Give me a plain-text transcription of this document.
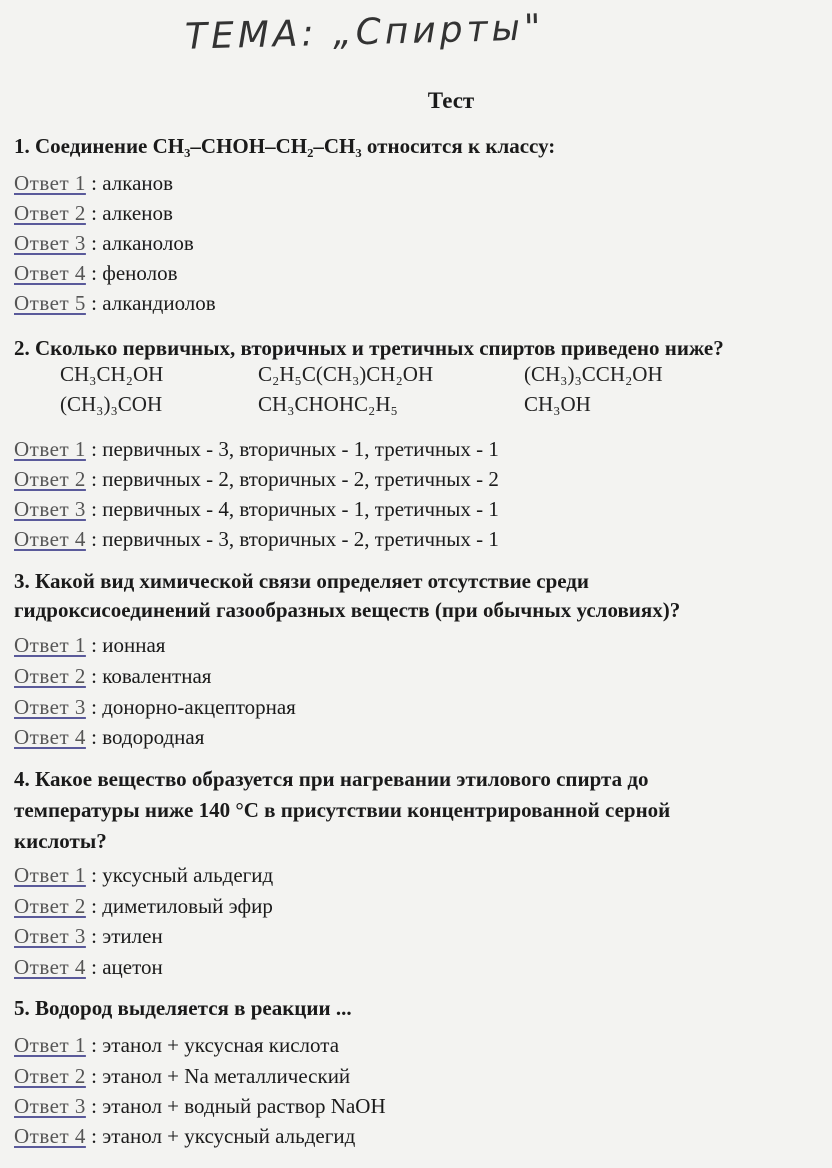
ТЕМА: „Спирты"
Тест
1. Соединение CH₃–CHOH–CH₂–CH₃ относится к классу:
Ответ 1 : алканов
Ответ 2 : алкенов
Ответ 3 : алканолов
Ответ 4 : фенолов
Ответ 5 : алкандиолов
2. Сколько первичных, вторичных и третичных спиртов приведено ниже?
CH₃CH₂OH	C₂H₅C(CH₃)CH₂OH	(CH₃)₃CCH₂OH
(CH₃)₃COH	CH₃CHOHC₂H₅	CH₃OH
Ответ 1 : первичных - 3, вторичных - 1, третичных - 1
Ответ 2 : первичных - 2, вторичных - 2, третичных - 2
Ответ 3 : первичных - 4, вторичных - 1, третичных - 1
Ответ 4 : первичных - 3, вторичных - 2, третичных - 1
3. Какой вид химической связи определяет отсутствие среди
гидроксисоединений газообразных веществ (при обычных условиях)?
Ответ 1 : ионная
Ответ 2 : ковалентная
Ответ 3 : донорно-акцепторная
Ответ 4 : водородная
4. Какое вещество образуется при нагревании этилового спирта до
температуры ниже 140 °C в присутствии концентрированной серной
кислоты?
Ответ 1 : уксусный альдегид
Ответ 2 : диметиловый эфир
Ответ 3 : этилен
Ответ 4 : ацетон
5. Водород выделяется в реакции ...
Ответ 1 : этанол + уксусная кислота
Ответ 2 : этанол + Na металлический
Ответ 3 : этанол + водный раствор NaOH
Ответ 4 : этанол + уксусный альдегид
